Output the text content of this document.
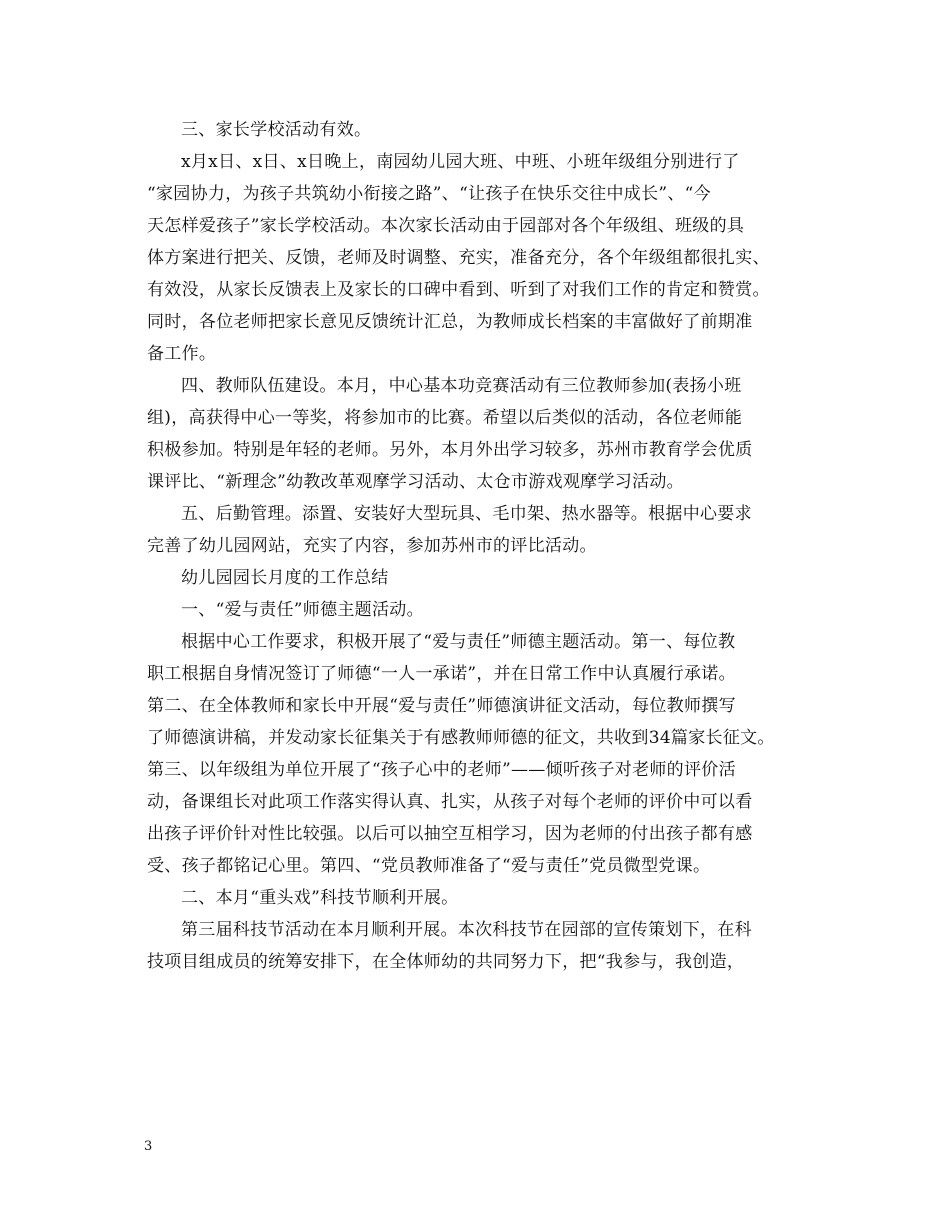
三、家长学校活动有效。
x月x日、x日、x日晚上，南园幼儿园大班、中班、小班年级组分别进行了
“家园协力，为孩子共筑幼小衔接之路”、“让孩子在快乐交往中成长”、“今
天怎样爱孩子”家长学校活动。本次家长活动由于园部对各个年级组、班级的具
体方案进行把关、反馈，老师及时调整、充实，准备充分，各个年级组都很扎实、
有效没，从家长反馈表上及家长的口碑中看到、听到了对我们工作的肯定和赞赏。
同时，各位老师把家长意见反馈统计汇总，为教师成长档案的丰富做好了前期准
备工作。
四、教师队伍建设。本月，中心基本功竞赛活动有三位教师参加(表扬小班
组)，高获得中心一等奖，将参加市的比赛。希望以后类似的活动，各位老师能
积极参加。特别是年轻的老师。另外，本月外出学习较多，苏州市教育学会优质
课评比、“新理念”幼教改革观摩学习活动、太仓市游戏观摩学习活动。
五、后勤管理。添置、安装好大型玩具、毛巾架、热水器等。根据中心要求
完善了幼儿园网站，充实了内容，参加苏州市的评比活动。
幼儿园园长月度的工作总结
一、“爱与责任”师德主题活动。
根据中心工作要求，积极开展了“爱与责任”师德主题活动。第一、每位教
职工根据自身情况签订了师德“一人一承诺”，并在日常工作中认真履行承诺。
第二、在全体教师和家长中开展“爱与责任”师德演讲征文活动，每位教师撰写
了师德演讲稿，并发动家长征集关于有感教师师德的征文，共收到34篇家长征文。
第三、以年级组为单位开展了“孩子心中的老师”——倾听孩子对老师的评价活
动，备课组长对此项工作落实得认真、扎实，从孩子对每个老师的评价中可以看
出孩子评价针对性比较强。以后可以抽空互相学习，因为老师的付出孩子都有感
受、孩子都铭记心里。第四、“党员教师准备了“爱与责任”党员微型党课。
二、本月“重头戏”科技节顺利开展。
第三届科技节活动在本月顺利开展。本次科技节在园部的宣传策划下，在科
技项目组成员的统筹安排下，在全体师幼的共同努力下，把“我参与，我创造，
3
